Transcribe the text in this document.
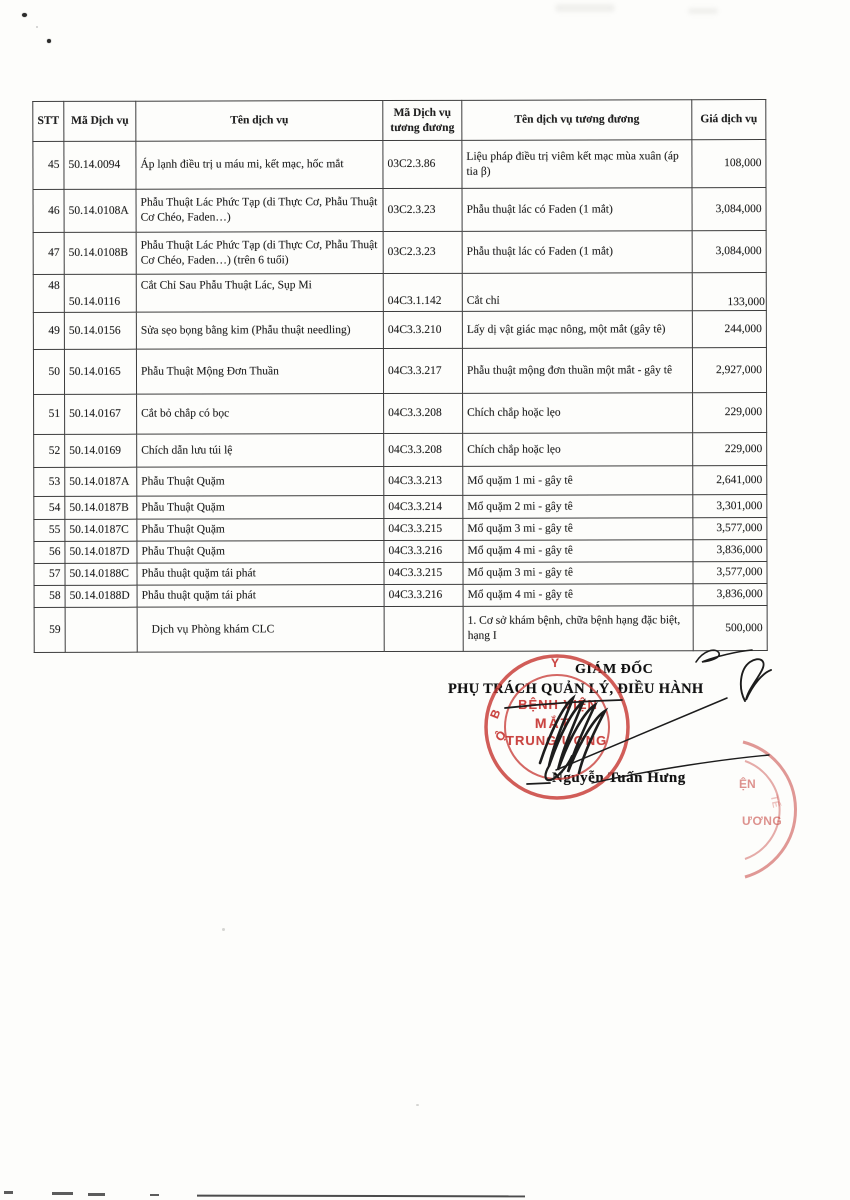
STT	Mã Dịch vụ	Tên dịch vụ	Mã Dịch vụ tương đương	Tên dịch vụ tương đương	Giá dịch vụ
45	50.14.0094	Áp lạnh điều trị u máu mi, kết mạc, hốc mắt	03C2.3.86	Liệu pháp điều trị viêm kết mạc mùa xuân (áp tia β)	108,000
46	50.14.0108A	Phẫu Thuật Lác Phức Tạp (di Thực Cơ, Phẫu Thuật Cơ Chéo, Faden…)	03C2.3.23	Phẫu thuật lác có Faden (1 mắt)	3,084,000
47	50.14.0108B	Phẫu Thuật Lác Phức Tạp (di Thực Cơ, Phẫu Thuật Cơ Chéo, Faden…) (trên 6 tuổi)	03C2.3.23	Phẫu thuật lác có Faden (1 mắt)	3,084,000
48	50.14.0116	Cắt Chỉ Sau Phẫu Thuật Lác, Sụp Mi	04C3.1.142	Cắt chỉ	133,000
49	50.14.0156	Sửa sẹo bọng bằng kim (Phẫu thuật needling)	04C3.3.210	Lấy dị vật giác mạc nông, một mắt (gây tê)	244,000
50	50.14.0165	Phẫu Thuật Mộng Đơn Thuần	04C3.3.217	Phẫu thuật mộng đơn thuần một mắt - gây tê	2,927,000
51	50.14.0167	Cắt bỏ chắp có bọc	04C3.3.208	Chích chắp hoặc lẹo	229,000
52	50.14.0169	Chích dẫn lưu túi lệ	04C3.3.208	Chích chắp hoặc lẹo	229,000
53	50.14.0187A	Phẫu Thuật Quặm	04C3.3.213	Mổ quặm 1 mi - gây tê	2,641,000
54	50.14.0187B	Phẫu Thuật Quặm	04C3.3.214	Mổ quặm 2 mi - gây tê	3,301,000
55	50.14.0187C	Phẫu Thuật Quặm	04C3.3.215	Mổ quặm 3 mi - gây tê	3,577,000
56	50.14.0187D	Phẫu Thuật Quặm	04C3.3.216	Mổ quặm 4 mi - gây tê	3,836,000
57	50.14.0188C	Phẫu thuật quặm tái phát	04C3.3.215	Mổ quặm 3 mi - gây tê	3,577,000
58	50.14.0188D	Phẫu thuật quặm tái phát	04C3.3.216	Mổ quặm 4 mi - gây tê	3,836,000
59		Dịch vụ Phòng khám CLC		1. Cơ sở khám bệnh, chữa bệnh hạng đặc biệt, hạng I	500,000
GIÁM ĐỐC
PHỤ TRÁCH QUẢN LÝ, ĐIỀU HÀNH
Nguyễn Tuấn Hưng
BỆNH VIỆN
MẮT
TRUNG ƯƠNG
Y
B
Ộ
ỆN
ƯƠNG
TẾ
